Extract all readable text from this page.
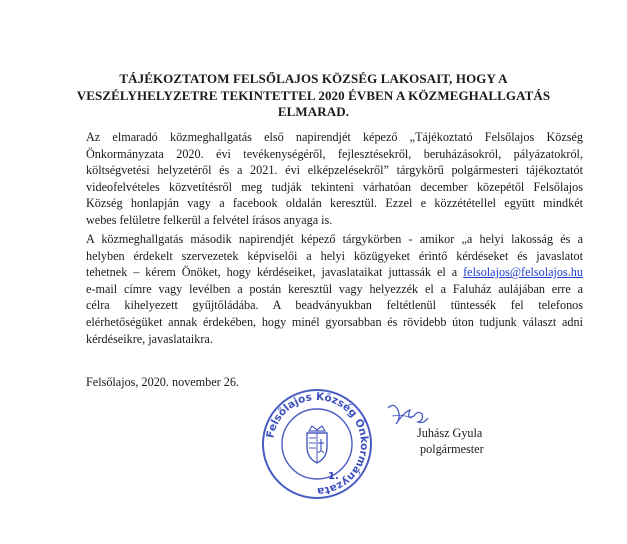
TÁJÉKOZTATOM FELSŐLAJOS KÖZSÉG LAKOSAIT, HOGY A
VESZÉLYHELYZETRE TEKINTETTEL 2020 ÉVBEN A KÖZMEGHALLGATÁS
ELMARAD.
Az elmaradó közmeghallgatás első napirendjét képező „Tájékoztató Felsőlajos Község
Önkormányzata 2020. évi tevékenységéről, fejlesztésekről, beruházásokról, pályázatokról,
költségvetési helyzetéről és a 2021. évi elképzelésekről” tárgykörű polgármesteri tájékoztatót
videofelvételes közvetítésről meg tudják tekinteni várhatóan december közepétől Felsőlajos
Község honlapján vagy a facebook oldalán keresztül. Ezzel e közzététellel együtt mindkét
webes felületre felkerül a felvétel írásos anyaga is.
A közmeghallgatás második napirendjét képező tárgykörben - amikor „a helyi lakosság és a
helyben érdekelt szervezetek képviselői a helyi közügyeket érintő kérdéseket és javaslatot
tehetnek – kérem Önöket, hogy kérdéseiket, javaslataikat juttassák el a felsolajos@felsolajos.hu
e-mail címre vagy levélben a postán keresztül vagy helyezzék el a Faluház aulájában erre a
célra kihelyezett gyűjtőládába. A beadványukban feltétlenül tüntessék fel telefonos
elérhetőségüket annak érdekében, hogy minél gyorsabban és rövidebb úton tudjunk választ adni
kérdéseikre, javaslataikra.
Felsőlajos, 2020. november 26.
Felsőlajos Község Önkormányzata
1.
Juhász Gyula
polgármester
